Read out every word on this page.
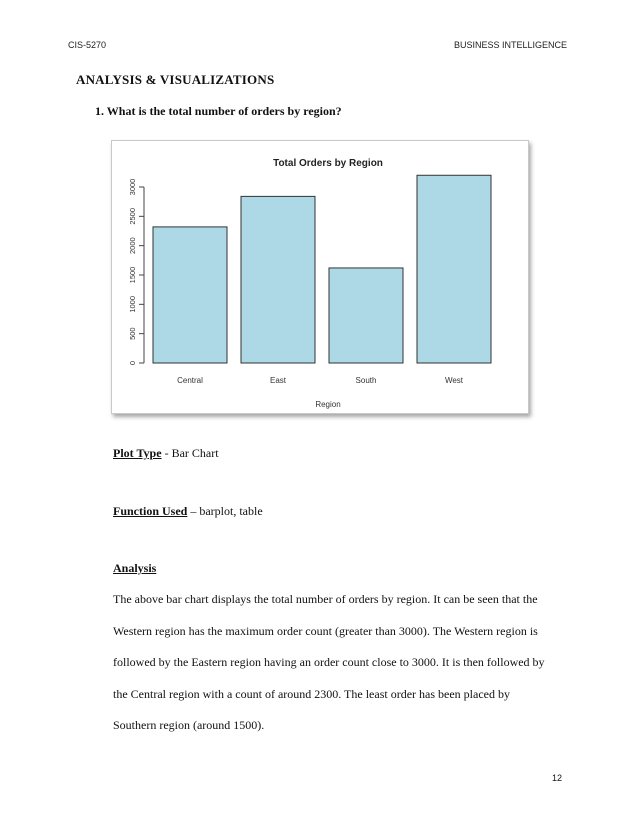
CIS-5270	BUSINESS INTELLIGENCE
ANALYSIS & VISUALIZATIONS
1. What is the total number of orders by region?
Total Orders by Region
0
500
1000
1500
2000
2500
3000
Central	East	South	West
Region
Plot Type - Bar Chart
Function Used – barplot, table
Analysis
The above bar chart displays the total number of orders by region. It can be seen that the
Western region has the maximum order count (greater than 3000). The Western region is
followed by the Eastern region having an order count close to 3000. It is then followed by
the Central region with a count of around 2300. The least order has been placed by
Southern region (around 1500).
12
